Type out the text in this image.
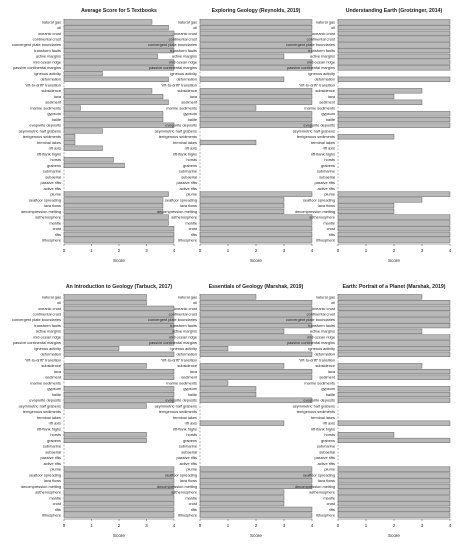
Average Score for 5 Textbooks
natural gas
oil
oceanic crust
continental crust
convergent plate boundaries
transform faults
active margins
mid-ocean ridge
passive continental margins
igneous activity
deformation
"rift-to-drift" transition
subsidence
lava
sediment
marine sediments
gypsum
halite
evaporite deposits
asymmetric half grabens
terrigenous sediments
terminal lakes
rift axis
rift-flank highs
horsts
grabens
submarine
subaerial
passive rifts
active rifts
plume
seafloor spreading
lava flows
decompression melting
asthenosphere
mantle
crust
rifts
lithosphere
0	1	2	3	4
Score
Exploring Geology (Reynolds, 2019)
natural gas
oil
oceanic crust
continental crust
convergent plate boundaries
transform faults
active margins
mid-ocean ridge
passive continental margins
igneous activity
deformation
"rift-to-drift" transition
subsidence
lava
sediment
marine sediments
gypsum
halite
evaporite deposits
asymmetric half grabens
terrigenous sediments
terminal lakes
rift axis
rift-flank highs
horsts
grabens
submarine
subaerial
passive rifts
active rifts
plume
seafloor spreading
lava flows
decompression melting
asthenosphere
mantle
crust
rifts
lithosphere
0	1	2	3	4
Score
Understanding Earth (Grotzinger, 2014)
natural gas
oil
oceanic crust
continental crust
convergent plate boundaries
transform faults
active margins
mid-ocean ridge
passive continental margins
igneous activity
deformation
"rift-to-drift" transition
subsidence
lava
sediment
marine sediments
gypsum
halite
evaporite deposits
asymmetric half grabens
terrigenous sediments
terminal lakes
rift axis
rift-flank highs
horsts
grabens
submarine
subaerial
passive rifts
active rifts
plume
seafloor spreading
lava flows
decompression melting
asthenosphere
mantle
crust
rifts
lithosphere
0	1	2	3	4
Score
An Introduction to Geology (Tarbuck, 2017)
natural gas
oil
oceanic crust
continental crust
convergent plate boundaries
transform faults
active margins
mid-ocean ridge
passive continental margins
igneous activity
deformation
"rift-to-drift" transition
subsidence
lava
sediment
marine sediments
gypsum
halite
evaporite deposits
asymmetric half grabens
terrigenous sediments
terminal lakes
rift axis
rift-flank highs
horsts
grabens
submarine
subaerial
passive rifts
active rifts
plume
seafloor spreading
lava flows
decompression melting
asthenosphere
mantle
crust
rifts
lithosphere
0	1	2	3	4
Score
Essentials of Geology (Marshak, 2019)
natural gas
oil
oceanic crust
continental crust
convergent plate boundaries
transform faults
active margins
mid-ocean ridge
passive continental margins
igneous activity
deformation
"rift-to-drift" transition
subsidence
lava
sediment
marine sediments
gypsum
halite
evaporite deposits
asymmetric half grabens
terrigenous sediments
terminal lakes
rift axis
rift-flank highs
horsts
grabens
submarine
subaerial
passive rifts
active rifts
plume
seafloor spreading
lava flows
decompression melting
asthenosphere
mantle
crust
rifts
lithosphere
0	1	2	3	4
Score
Earth: Portrait of a Planet (Marshak, 2019)
natural gas
oil
oceanic crust
continental crust
convergent plate boundaries
transform faults
active margins
mid-ocean ridge
passive continental margins
igneous activity
deformation
"rift-to-drift" transition
subsidence
lava
sediment
marine sediments
gypsum
halite
evaporite deposits
asymmetric half grabens
terrigenous sediments
terminal lakes
rift axis
rift-flank highs
horsts
grabens
submarine
subaerial
passive rifts
active rifts
plume
seafloor spreading
lava flows
decompression melting
asthenosphere
mantle
crust
rifts
lithosphere
0	1	2	3	4
Score
